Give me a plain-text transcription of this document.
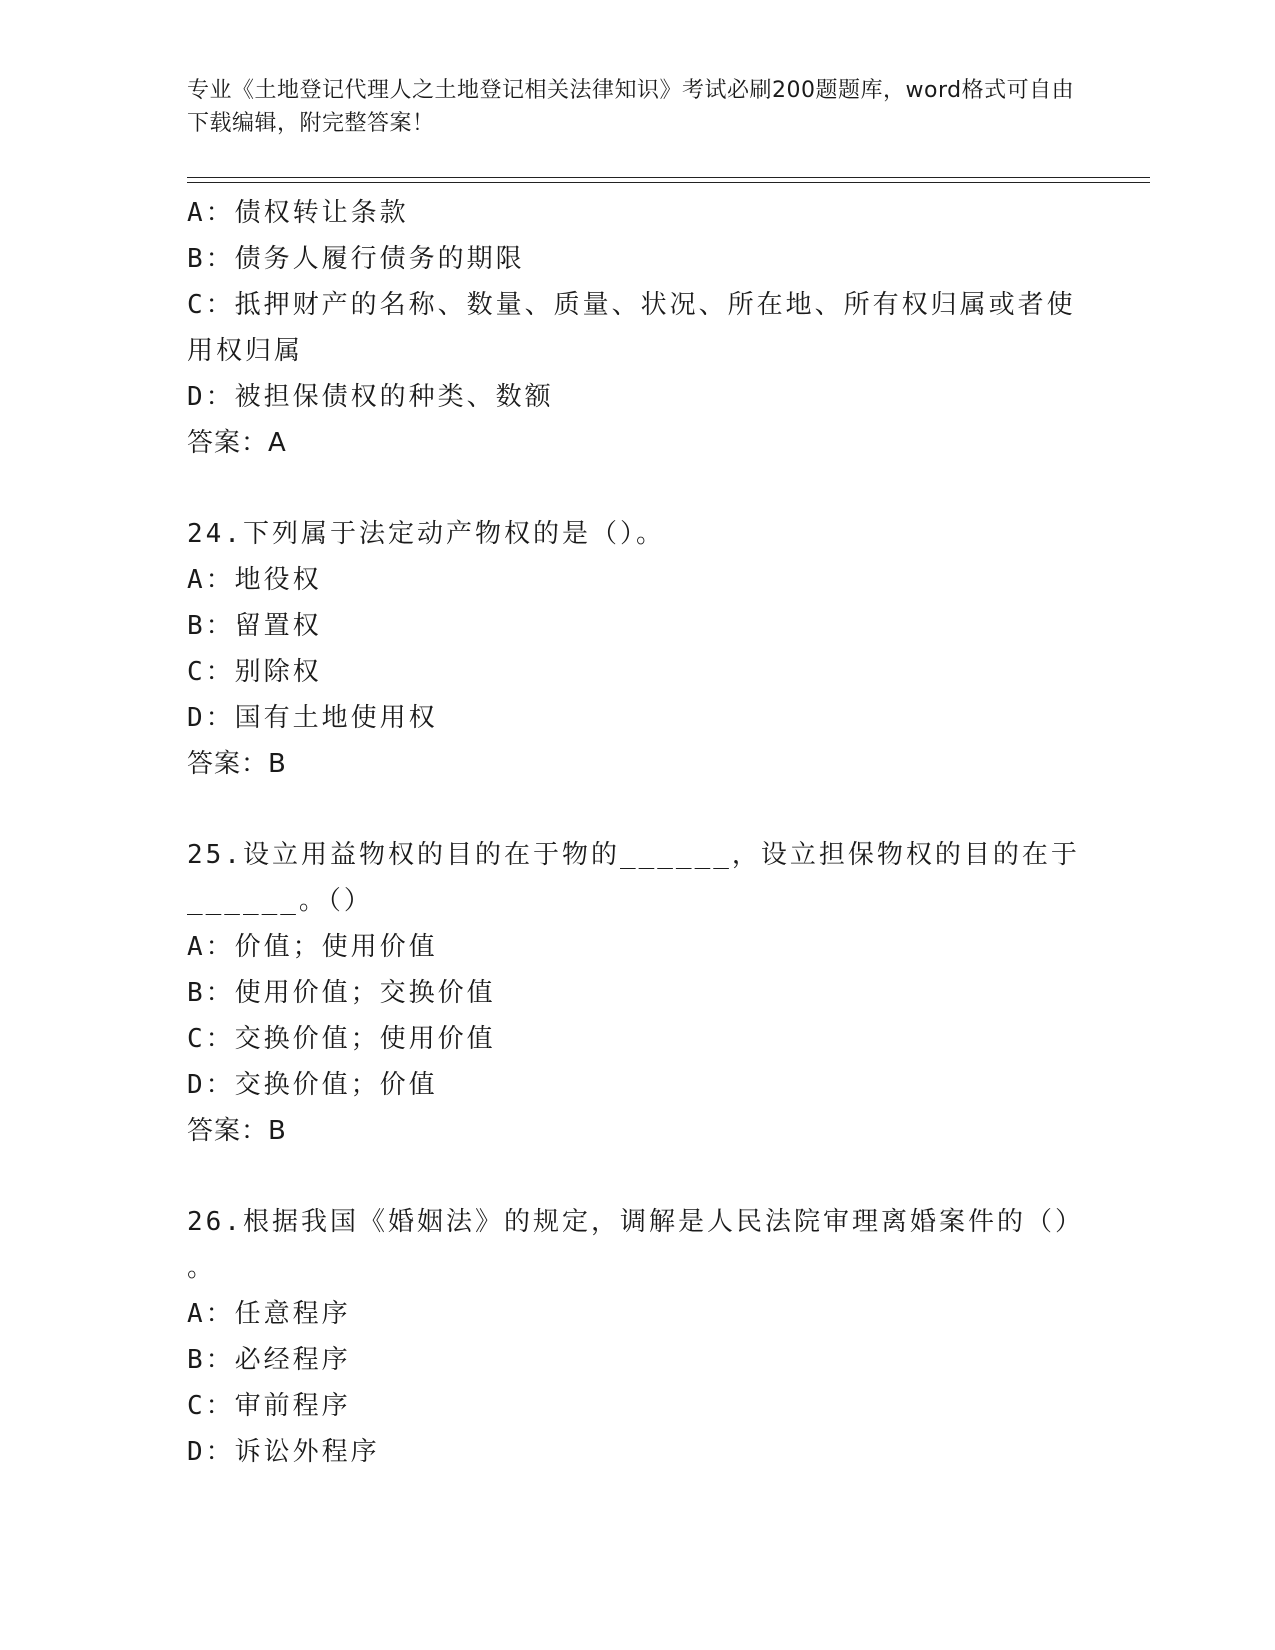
专业《土地登记代理人之土地登记相关法律知识》考试必刷200题题库，word格式可自由下载编辑，附完整答案！
A：债权转让条款
B：债务人履行债务的期限
C：抵押财产的名称、数量、质量、状况、所在地、所有权归属或者使
用权归属
D：被担保债权的种类、数额
答案：A
24.下列属于法定动产物权的是（）。
A：地役权
B：留置权
C：别除权
D：国有土地使用权
答案：B
25.设立用益物权的目的在于物的______，设立担保物权的目的在于
______。（）
A：价值；使用价值
B：使用价值；交换价值
C：交换价值；使用价值
D：交换价值；价值
答案：B
26.根据我国《婚姻法》的规定，调解是人民法院审理离婚案件的（）
。
A：任意程序
B：必经程序
C：审前程序
D：诉讼外程序
